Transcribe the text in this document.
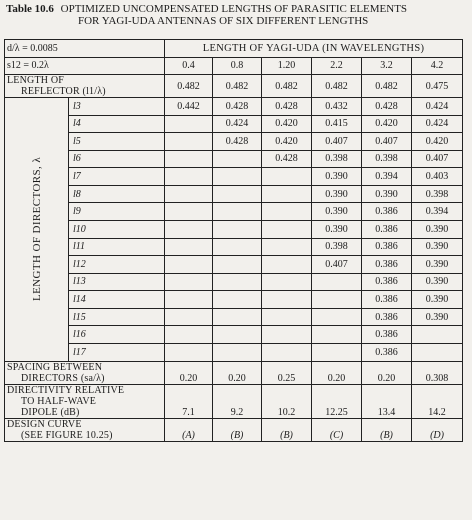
Table 10.6 OPTIMIZED UNCOMPENSATED LENGTHS OF PARASITIC ELEMENTS
FOR YAGI-UDA ANTENNAS OF SIX DIFFERENT LENGTHS
d/λ = 0.0085		LENGTH OF YAGI-UDA (IN WAVELENGTHS)					
s12 = 0.2λ		0.4	0.8	1.20	2.2	3.2	4.2

LENGTH OF
REFLECTOR (l1/λ)		0.482	0.482	0.482	0.482	0.482	0.475

LENGTH OF DIRECTORS, λ	l3	0.442	0.428	0.428	0.432	0.428	0.424
	l4		0.424	0.420	0.415	0.420	0.424
	l5		0.428	0.420	0.407	0.407	0.420
	l6			0.428	0.398	0.398	0.407
	l7				0.390	0.394	0.403
	l8				0.390	0.390	0.398
	l9				0.390	0.386	0.394
	l10				0.390	0.386	0.390
	l11				0.398	0.386	0.390
	l12				0.407	0.386	0.390
	l13					0.386	0.390
	l14					0.386	0.390
	l15					0.386	0.390
	l16					0.386	
	l17					0.386	

SPACING BETWEEN
DIRECTORS (sa/λ)		0.20	0.20	0.25	0.20	0.20	0.308

DIRECTIVITY RELATIVE
TO HALF-WAVE
DIPOLE (dB)		7.1	9.2	10.2	12.25	13.4	14.2

DESIGN CURVE
(SEE FIGURE 10.25)		(A)	(B)	(B)	(C)	(B)	(D)
